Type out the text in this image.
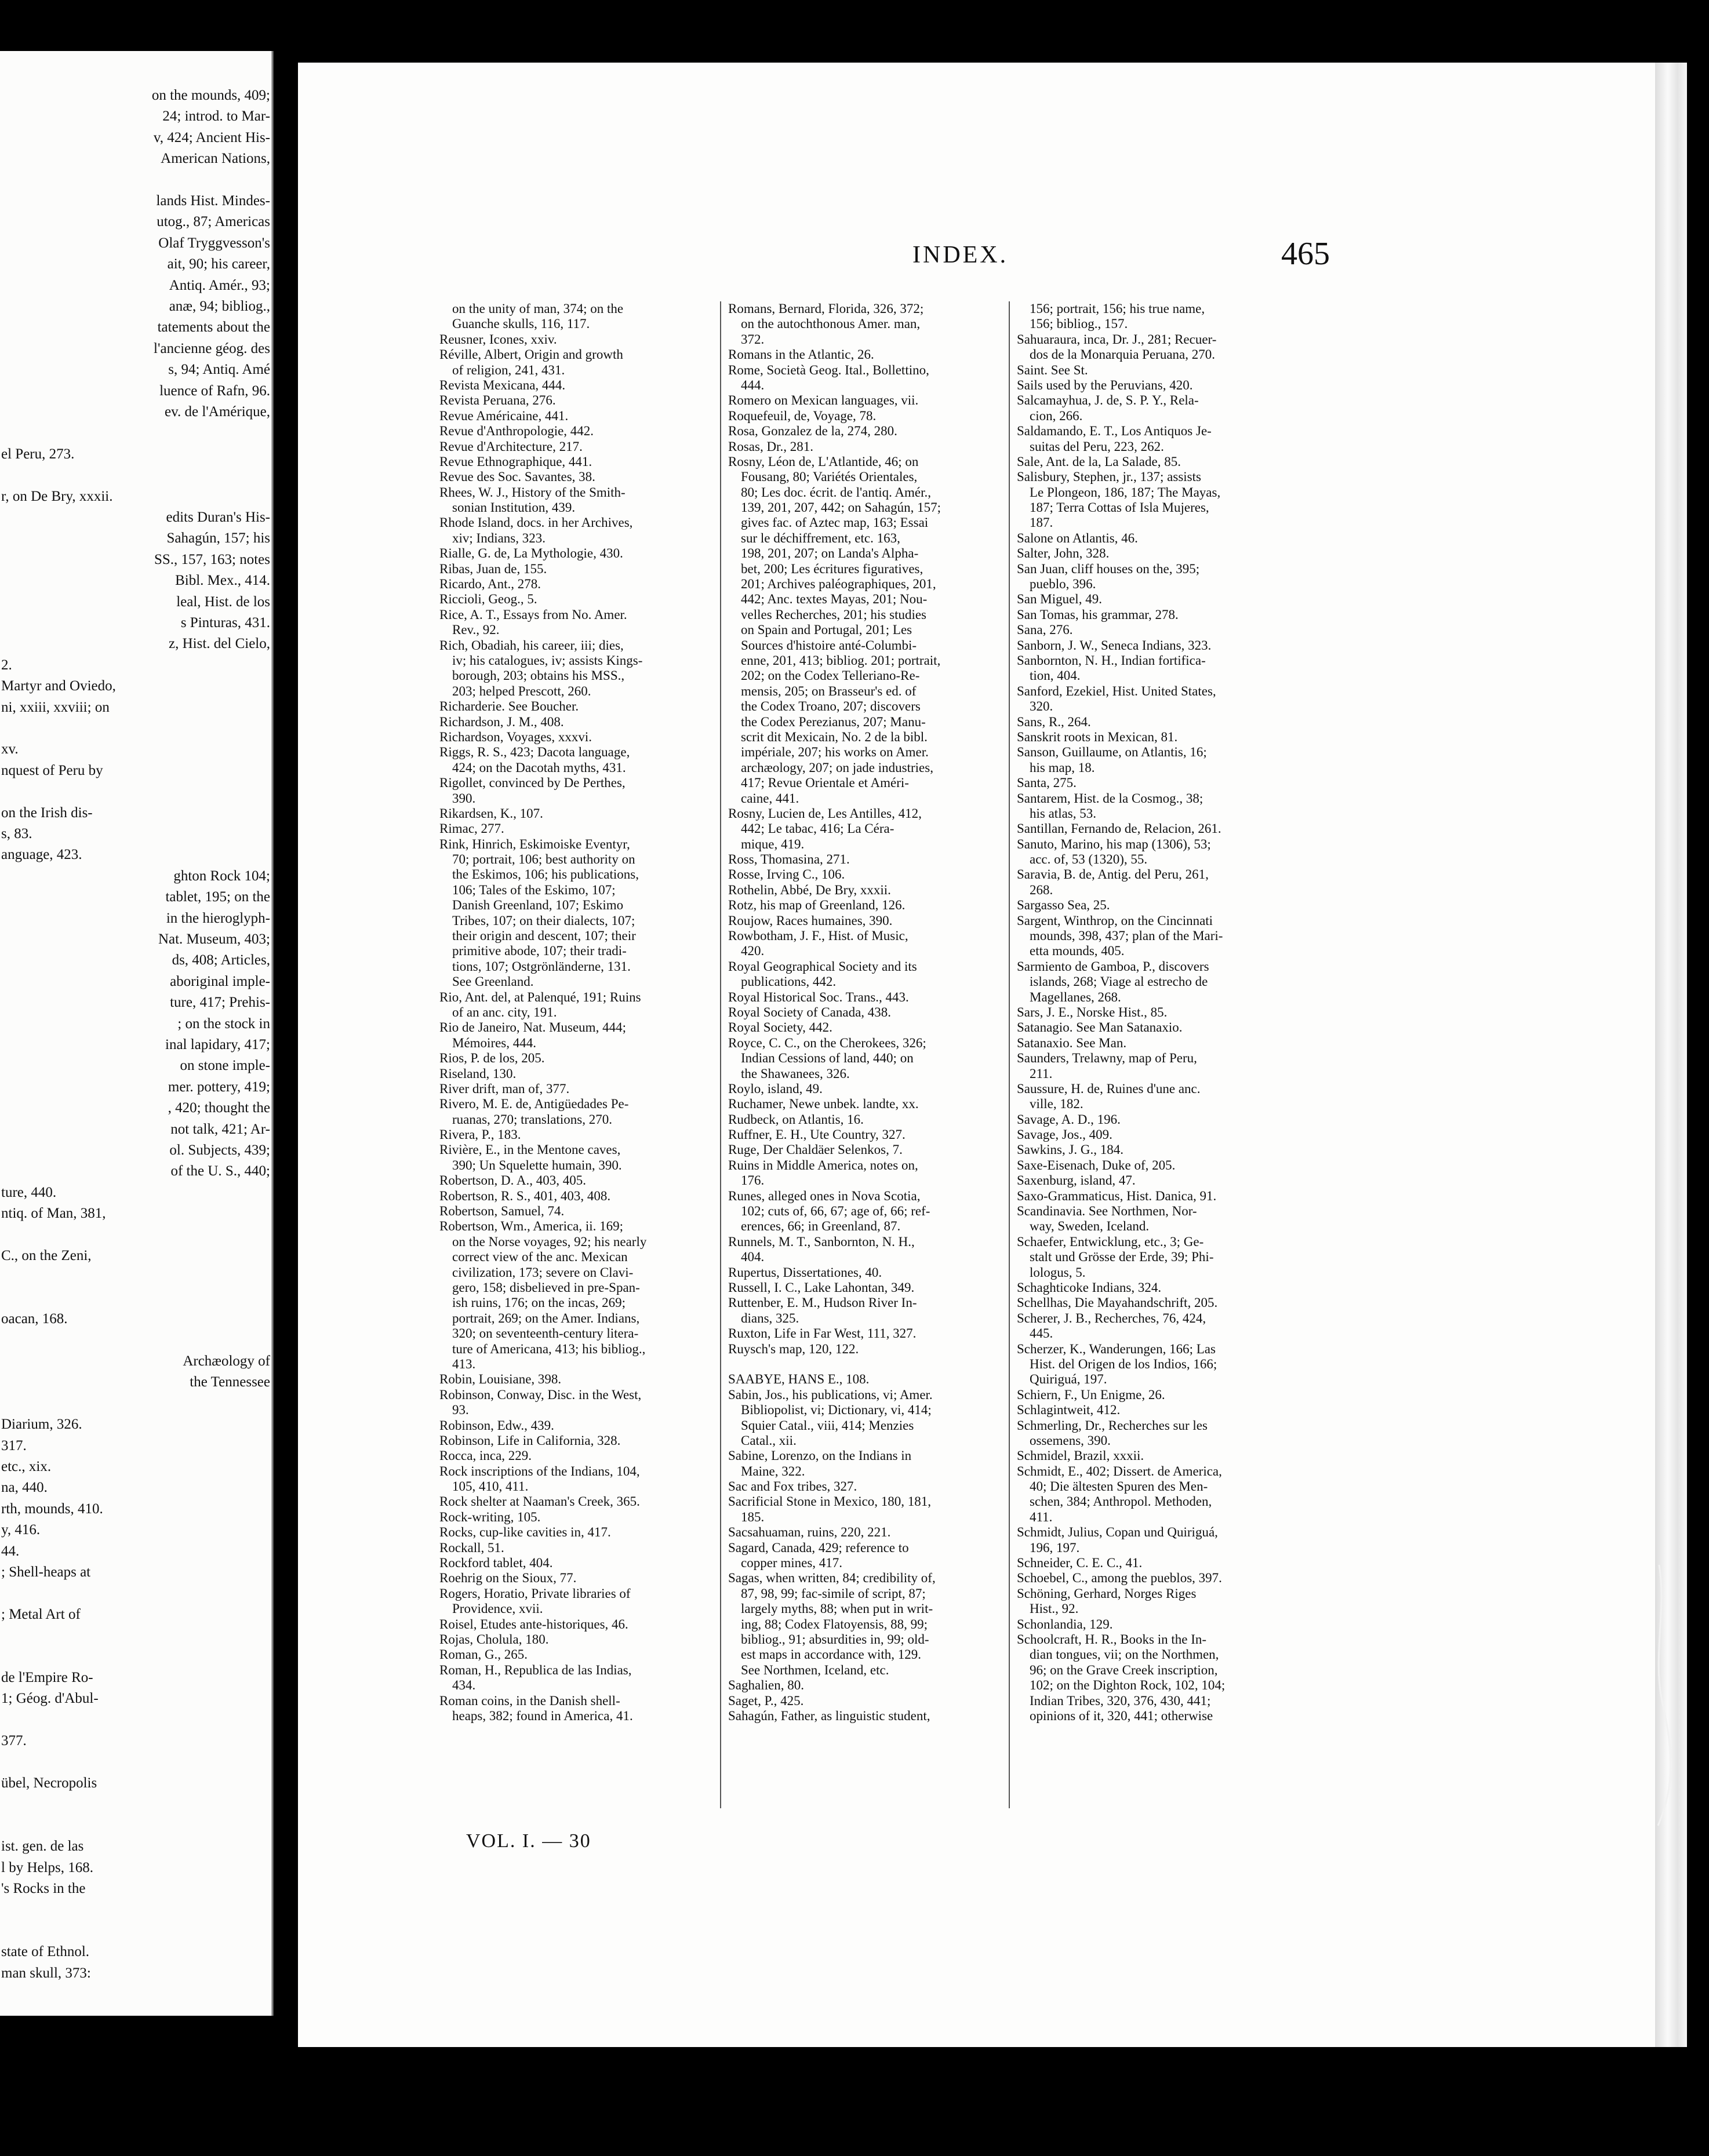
on the mounds, 409;
24; introd. to Mar-
v, 424; Ancient His-
American Nations,
lands Hist. Mindes-
utog., 87; Americas
Olaf Tryggvesson's
ait, 90; his career,
Antiq. Amér., 93;
anæ, 94; bibliog.,
tatements about the
l'ancienne géog. des
s, 94; Antiq. Amé
luence of Rafn, 96.
ev. de l'Amérique,
el Peru, 273.
r, on De Bry, xxxii.
edits Duran's His-
Sahagún, 157; his
SS., 157, 163; notes
Bibl. Mex., 414.
leal, Hist. de los
s Pinturas, 431.
z, Hist. del Cielo,
2.
Martyr and Oviedo,
ni, xxiii, xxviii; on
xv.
nquest of Peru by
on the Irish dis-
s, 83.
anguage, 423.
ghton Rock 104;
tablet, 195; on the
in the hieroglyph-
Nat. Museum, 403;
ds, 408; Articles,
aboriginal imple-
ture, 417; Prehis-
; on the stock in
inal lapidary, 417;
on stone imple-
mer. pottery, 419;
, 420; thought the
not talk, 421; Ar-
ol. Subjects, 439;
of the U. S., 440;
ture, 440.
ntiq. of Man, 381,
C., on the Zeni,
oacan, 168.
Archæology of
the Tennessee
Diarium, 326.
317.
etc., xix.
na, 440.
rth, mounds, 410.
y, 416.
44.
; Shell-heaps at
; Metal Art of
de l'Empire Ro-
1; Géog. d'Abul-
377.
übel, Necropolis
ist. gen. de las
l by Helps, 168.
's Rocks in the
state of Ethnol.
man skull, 373:
INDEX.	465
on the unity of man, 374; on the
Guanche skulls, 116, 117.
Reusner, Icones, xxiv.
Réville, Albert, Origin and growth
of religion, 241, 431.
Revista Mexicana, 444.
Revista Peruana, 276.
Revue Américaine, 441.
Revue d'Anthropologie, 442.
Revue d'Architecture, 217.
Revue Ethnographique, 441.
Revue des Soc. Savantes, 38.
Rhees, W. J., History of the Smith-
sonian Institution, 439.
Rhode Island, docs. in her Archives,
xiv; Indians, 323.
Rialle, G. de, La Mythologie, 430.
Ribas, Juan de, 155.
Ricardo, Ant., 278.
Riccioli, Geog., 5.
Rice, A. T., Essays from No. Amer.
Rev., 92.
Rich, Obadiah, his career, iii; dies,
iv; his catalogues, iv; assists Kings-
borough, 203; obtains his MSS.,
203; helped Prescott, 260.
Richarderie. See Boucher.
Richardson, J. M., 408.
Richardson, Voyages, xxxvi.
Riggs, R. S., 423; Dacota language,
424; on the Dacotah myths, 431.
Rigollet, convinced by De Perthes,
390.
Rikardsen, K., 107.
Rimac, 277.
Rink, Hinrich, Eskimoiske Eventyr,
70; portrait, 106; best authority on
the Eskimos, 106; his publications,
106; Tales of the Eskimo, 107;
Danish Greenland, 107; Eskimo
Tribes, 107; on their dialects, 107;
their origin and descent, 107; their
primitive abode, 107; their tradi-
tions, 107; Ostgrönländerne, 131.
See Greenland.
Rio, Ant. del, at Palenqué, 191; Ruins
of an anc. city, 191.
Rio de Janeiro, Nat. Museum, 444;
Mémoires, 444.
Rios, P. de los, 205.
Riseland, 130.
River drift, man of, 377.
Rivero, M. E. de, Antigüedades Pe-
ruanas, 270; translations, 270.
Rivera, P., 183.
Rivière, E., in the Mentone caves,
390; Un Squelette humain, 390.
Robertson, D. A., 403, 405.
Robertson, R. S., 401, 403, 408.
Robertson, Samuel, 74.
Robertson, Wm., America, ii. 169;
on the Norse voyages, 92; his nearly
correct view of the anc. Mexican
civilization, 173; severe on Clavi-
gero, 158; disbelieved in pre-Span-
ish ruins, 176; on the incas, 269;
portrait, 269; on the Amer. Indians,
320; on seventeenth-century litera-
ture of Americana, 413; his bibliog.,
413.
Robin, Louisiane, 398.
Robinson, Conway, Disc. in the West,
93.
Robinson, Edw., 439.
Robinson, Life in California, 328.
Rocca, inca, 229.
Rock inscriptions of the Indians, 104,
105, 410, 411.
Rock shelter at Naaman's Creek, 365.
Rock-writing, 105.
Rocks, cup-like cavities in, 417.
Rockall, 51.
Rockford tablet, 404.
Roehrig on the Sioux, 77.
Rogers, Horatio, Private libraries of
Providence, xvii.
Roisel, Etudes ante-historiques, 46.
Rojas, Cholula, 180.
Roman, G., 265.
Roman, H., Republica de las Indias,
434.
Roman coins, in the Danish shell-
heaps, 382; found in America, 41.
Romans, Bernard, Florida, 326, 372;
on the autochthonous Amer. man,
372.
Romans in the Atlantic, 26.
Rome, Società Geog. Ital., Bollettino,
444.
Romero on Mexican languages, vii.
Roquefeuil, de, Voyage, 78.
Rosa, Gonzalez de la, 274, 280.
Rosas, Dr., 281.
Rosny, Léon de, L'Atlantide, 46; on
Fousang, 80; Variétés Orientales,
80; Les doc. écrit. de l'antiq. Amér.,
139, 201, 207, 442; on Sahagún, 157;
gives fac. of Aztec map, 163; Essai
sur le déchiffrement, etc. 163,
198, 201, 207; on Landa's Alpha-
bet, 200; Les écritures figuratives,
201; Archives paléographiques, 201,
442; Anc. textes Mayas, 201; Nou-
velles Recherches, 201; his studies
on Spain and Portugal, 201; Les
Sources d'histoire anté-Columbi-
enne, 201, 413; bibliog. 201; portrait,
202; on the Codex Telleriano-Re-
mensis, 205; on Brasseur's ed. of
the Codex Troano, 207; discovers
the Codex Perezianus, 207; Manu-
scrit dit Mexicain, No. 2 de la bibl.
impériale, 207; his works on Amer.
archæology, 207; on jade industries,
417; Revue Orientale et Améri-
caine, 441.
Rosny, Lucien de, Les Antilles, 412,
442; Le tabac, 416; La Céra-
mique, 419.
Ross, Thomasina, 271.
Rosse, Irving C., 106.
Rothelin, Abbé, De Bry, xxxii.
Rotz, his map of Greenland, 126.
Roujow, Races humaines, 390.
Rowbotham, J. F., Hist. of Music,
420.
Royal Geographical Society and its
publications, 442.
Royal Historical Soc. Trans., 443.
Royal Society of Canada, 438.
Royal Society, 442.
Royce, C. C., on the Cherokees, 326;
Indian Cessions of land, 440; on
the Shawanees, 326.
Roylo, island, 49.
Ruchamer, Newe unbek. landte, xx.
Rudbeck, on Atlantis, 16.
Ruffner, E. H., Ute Country, 327.
Ruge, Der Chaldäer Selenkos, 7.
Ruins in Middle America, notes on,
176.
Runes, alleged ones in Nova Scotia,
102; cuts of, 66, 67; age of, 66; ref-
erences, 66; in Greenland, 87.
Runnels, M. T., Sanbornton, N. H.,
404.
Rupertus, Dissertationes, 40.
Russell, I. C., Lake Lahontan, 349.
Ruttenber, E. M., Hudson River In-
dians, 325.
Ruxton, Life in Far West, 111, 327.
Ruysch's map, 120, 122.
SAABYE, HANS E., 108.
Sabin, Jos., his publications, vi; Amer.
Bibliopolist, vi; Dictionary, vi, 414;
Squier Catal., viii, 414; Menzies
Catal., xii.
Sabine, Lorenzo, on the Indians in
Maine, 322.
Sac and Fox tribes, 327.
Sacrificial Stone in Mexico, 180, 181,
185.
Sacsahuaman, ruins, 220, 221.
Sagard, Canada, 429; reference to
copper mines, 417.
Sagas, when written, 84; credibility of,
87, 98, 99; fac-simile of script, 87;
largely myths, 88; when put in writ-
ing, 88; Codex Flatoyensis, 88, 99;
bibliog., 91; absurdities in, 99; old-
est maps in accordance with, 129.
See Northmen, Iceland, etc.
Saghalien, 80.
Saget, P., 425.
Sahagún, Father, as linguistic student,
156; portrait, 156; his true name,
156; bibliog., 157.
Sahuaraura, inca, Dr. J., 281; Recuer-
dos de la Monarquia Peruana, 270.
Saint. See St.
Sails used by the Peruvians, 420.
Salcamayhua, J. de, S. P. Y., Rela-
cion, 266.
Saldamando, E. T., Los Antiquos Je-
suitas del Peru, 223, 262.
Sale, Ant. de la, La Salade, 85.
Salisbury, Stephen, jr., 137; assists
Le Plongeon, 186, 187; The Mayas,
187; Terra Cottas of Isla Mujeres,
187.
Salone on Atlantis, 46.
Salter, John, 328.
San Juan, cliff houses on the, 395;
pueblo, 396.
San Miguel, 49.
San Tomas, his grammar, 278.
Sana, 276.
Sanborn, J. W., Seneca Indians, 323.
Sanbornton, N. H., Indian fortifica-
tion, 404.
Sanford, Ezekiel, Hist. United States,
320.
Sans, R., 264.
Sanskrit roots in Mexican, 81.
Sanson, Guillaume, on Atlantis, 16;
his map, 18.
Santa, 275.
Santarem, Hist. de la Cosmog., 38;
his atlas, 53.
Santillan, Fernando de, Relacion, 261.
Sanuto, Marino, his map (1306), 53;
acc. of, 53 (1320), 55.
Saravia, B. de, Antig. del Peru, 261,
268.
Sargasso Sea, 25.
Sargent, Winthrop, on the Cincinnati
mounds, 398, 437; plan of the Mari-
etta mounds, 405.
Sarmiento de Gamboa, P., discovers
islands, 268; Viage al estrecho de
Magellanes, 268.
Sars, J. E., Norske Hist., 85.
Satanagio. See Man Satanaxio.
Satanaxio. See Man.
Saunders, Trelawny, map of Peru,
211.
Saussure, H. de, Ruines d'une anc.
ville, 182.
Savage, A. D., 196.
Savage, Jos., 409.
Sawkins, J. G., 184.
Saxe-Eisenach, Duke of, 205.
Saxenburg, island, 47.
Saxo-Grammaticus, Hist. Danica, 91.
Scandinavia. See Northmen, Nor-
way, Sweden, Iceland.
Schaefer, Entwicklung, etc., 3; Ge-
stalt und Grösse der Erde, 39; Phi-
lologus, 5.
Schaghticoke Indians, 324.
Schellhas, Die Mayahandschrift, 205.
Scherer, J. B., Recherches, 76, 424,
445.
Scherzer, K., Wanderungen, 166; Las
Hist. del Origen de los Indios, 166;
Quiriguá, 197.
Schiern, F., Un Enigme, 26.
Schlagintweit, 412.
Schmerling, Dr., Recherches sur les
ossemens, 390.
Schmidel, Brazil, xxxii.
Schmidt, E., 402; Dissert. de America,
40; Die ältesten Spuren des Men-
schen, 384; Anthropol. Methoden,
411.
Schmidt, Julius, Copan und Quiriguá,
196, 197.
Schneider, C. E. C., 41.
Schoebel, C., among the pueblos, 397.
Schöning, Gerhard, Norges Riges
Hist., 92.
Schonlandia, 129.
Schoolcraft, H. R., Books in the In-
dian tongues, vii; on the Northmen,
96; on the Grave Creek inscription,
102; on the Dighton Rock, 102, 104;
Indian Tribes, 320, 376, 430, 441;
opinions of it, 320, 441; otherwise
VOL. I. — 30
